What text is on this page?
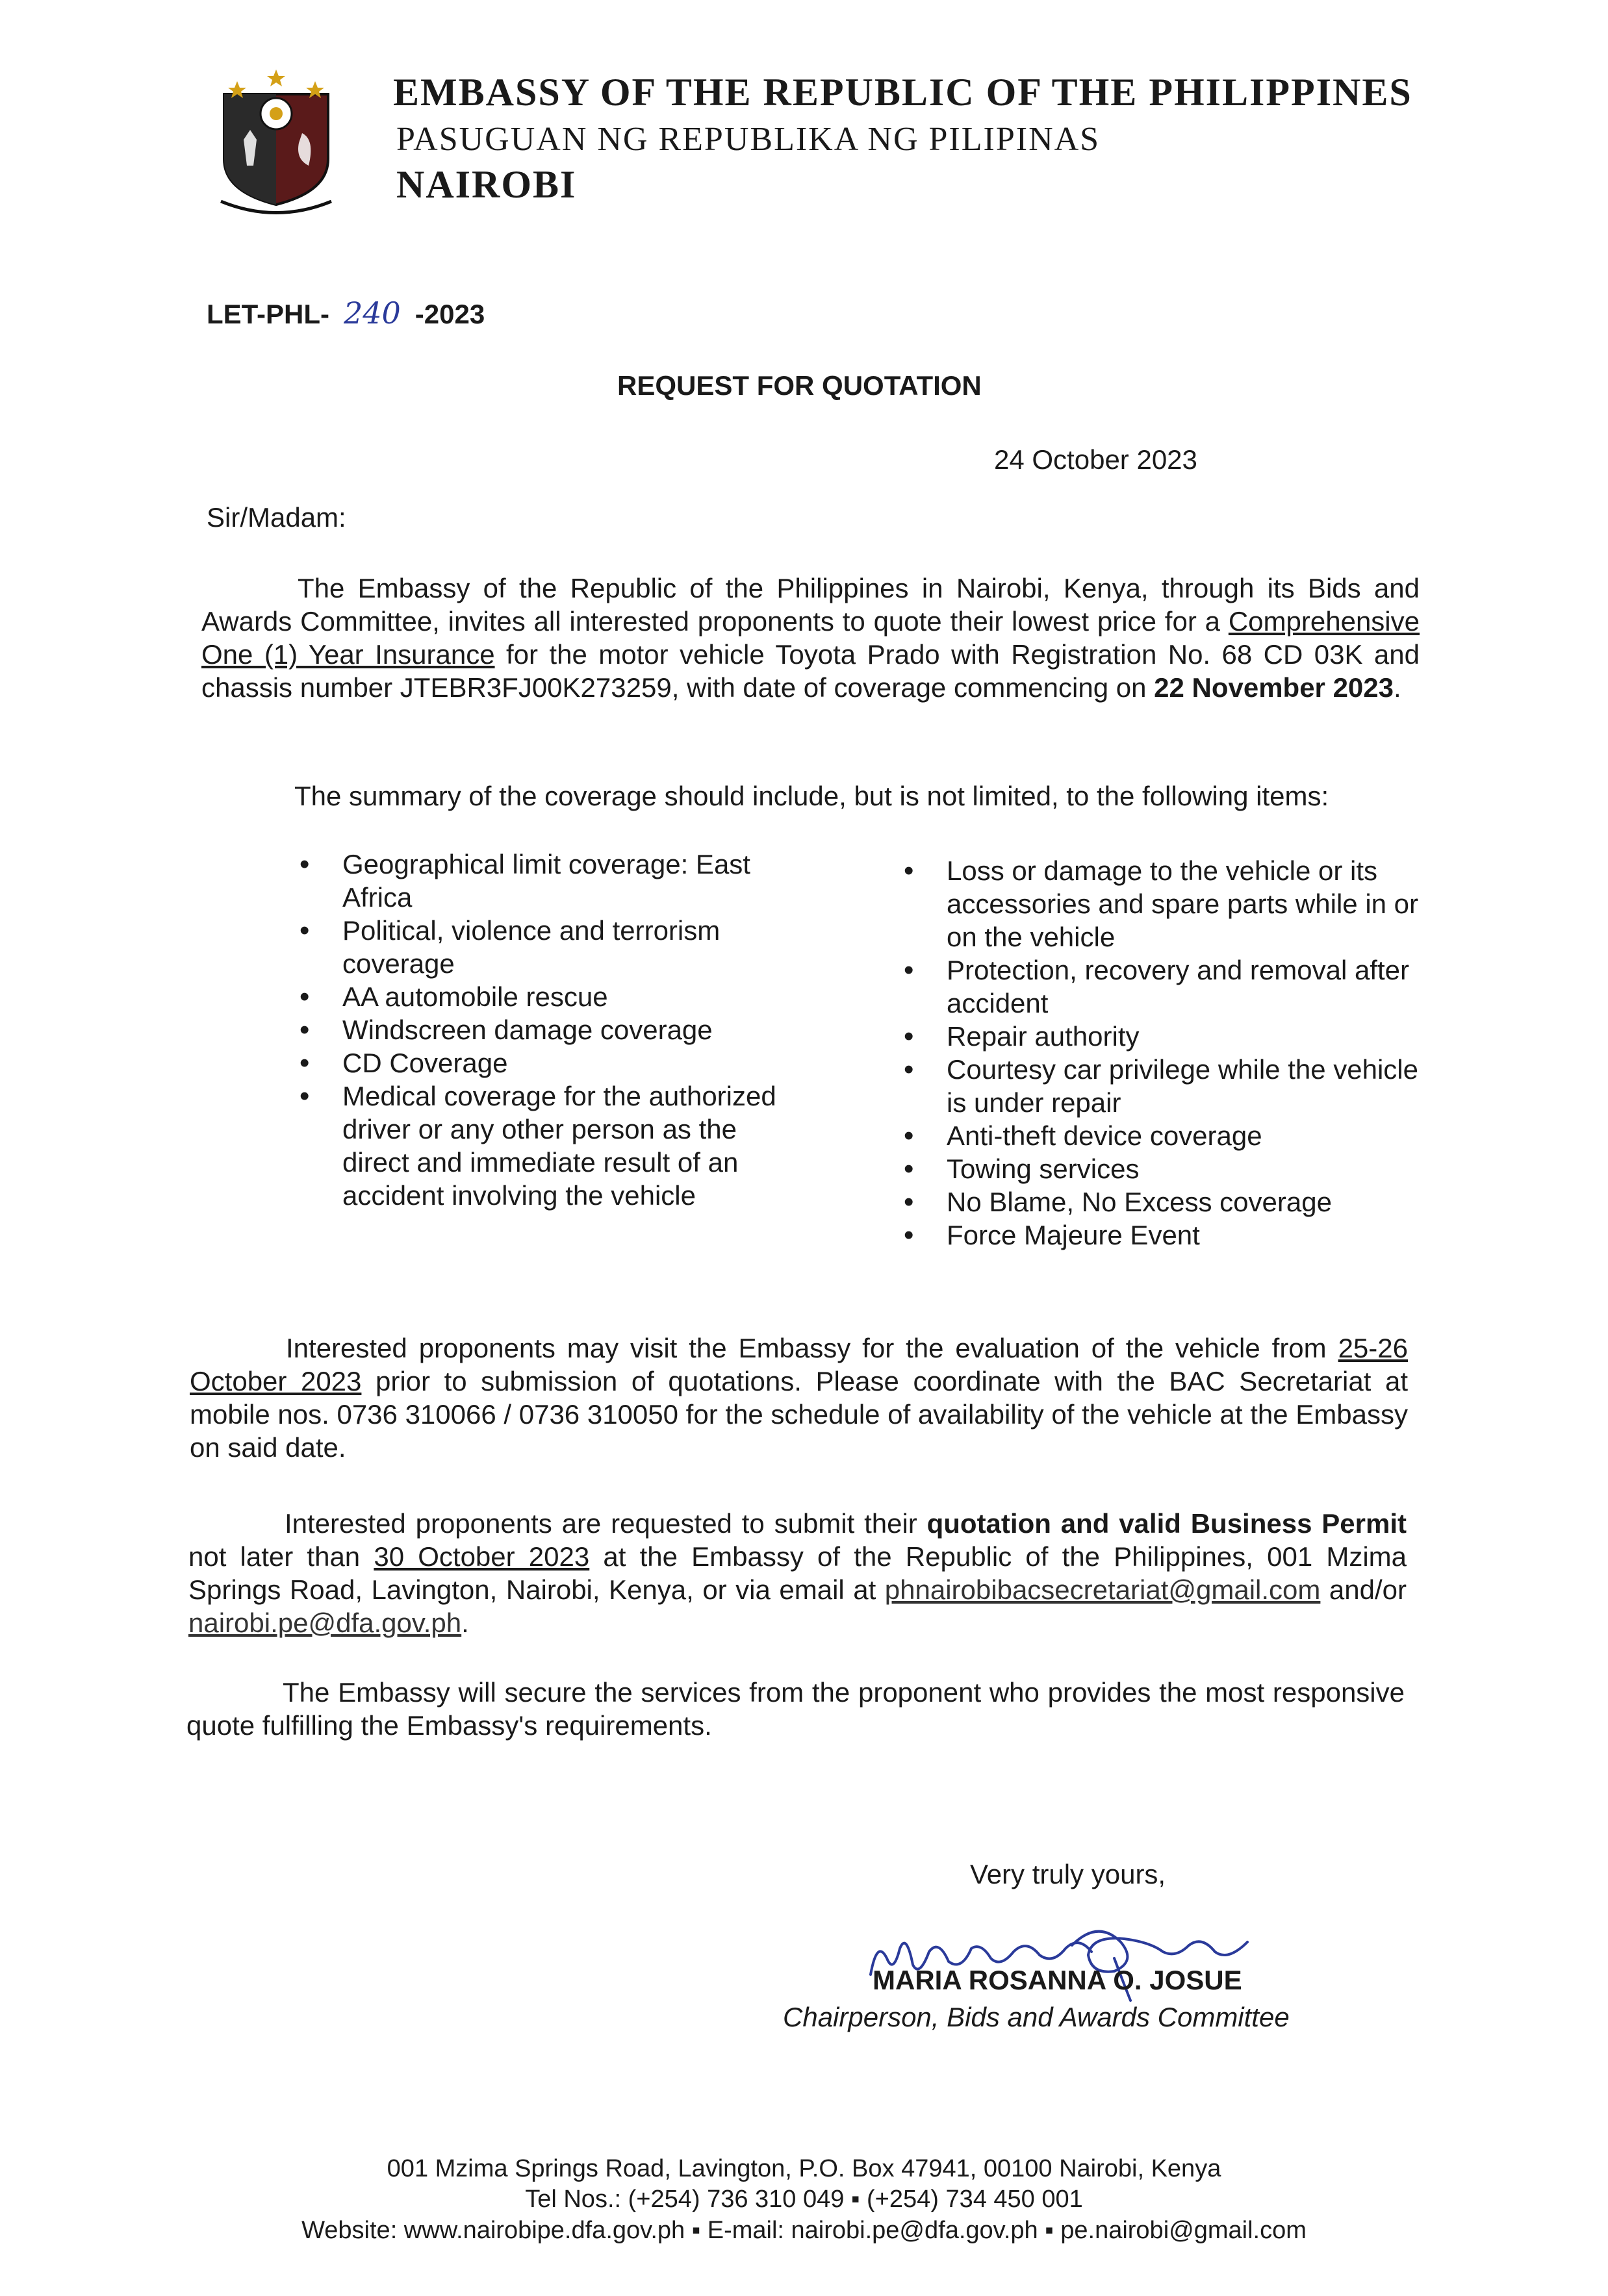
EMBASSY OF THE REPUBLIC OF THE PHILIPPINES
PASUGUAN NG REPUBLIKA NG PILIPINAS
NAIROBI
LET-PHL- 240 -2023
REQUEST FOR QUOTATION
24 October 2023
Sir/Madam:

The Embassy of the Republic of the Philippines in Nairobi, Kenya, through its Bids and Awards Committee, invites all interested proponents to quote their lowest price for a Comprehensive One (1) Year Insurance for the motor vehicle Toyota Prado with Registration No. 68 CD 03K and chassis number JTEBR3FJ00K273259, with date of coverage commencing on 22 November 2023.

The summary of the coverage should include, but is not limited, to the following items:

• Geographical limit coverage: East Africa
• Political, violence and terrorism coverage
• AA automobile rescue
• Windscreen damage coverage
• CD Coverage
• Medical coverage for the authorized driver or any other person as the direct and immediate result of an accident involving the vehicle
• Loss or damage to the vehicle or its accessories and spare parts while in or on the vehicle
• Protection, recovery and removal after accident
• Repair authority
• Courtesy car privilege while the vehicle is under repair
• Anti-theft device coverage
• Towing services
• No Blame, No Excess coverage
• Force Majeure Event

Interested proponents may visit the Embassy for the evaluation of the vehicle from 25-26 October 2023 prior to submission of quotations. Please coordinate with the BAC Secretariat at mobile nos. 0736 310066 / 0736 310050 for the schedule of availability of the vehicle at the Embassy on said date.

Interested proponents are requested to submit their quotation and valid Business Permit not later than 30 October 2023 at the Embassy of the Republic of the Philippines, 001 Mzima Springs Road, Lavington, Nairobi, Kenya, or via email at phnairobibacsecretariat@gmail.com and/or nairobi.pe@dfa.gov.ph.

The Embassy will secure the services from the proponent who provides the most responsive quote fulfilling the Embassy's requirements.

Very truly yours,
MARIA ROSANNA O. JOSUE
Chairperson, Bids and Awards Committee
001 Mzima Springs Road, Lavington, P.O. Box 47941, 00100 Nairobi, Kenya
Tel Nos.: (+254) 736 310 049 ▪ (+254) 734 450 001
Website: www.nairobipe.dfa.gov.ph ▪ E-mail: nairobi.pe@dfa.gov.ph ▪ pe.nairobi@gmail.com
